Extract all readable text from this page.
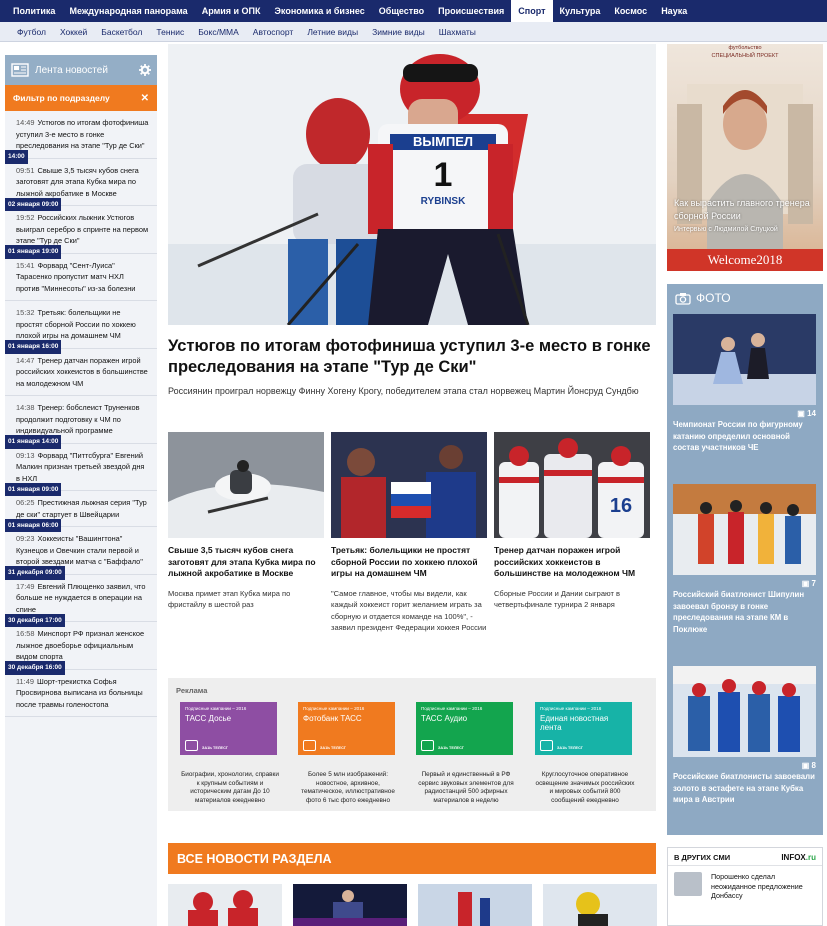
Политика	Международная панорама	Армия и ОПК	Экономика и бизнес	Общество	Происшествия	Спорт	Культура	Космос	Наука
Футбол	Хоккей	Баскетбол	Теннис	Бокс/ММА	Автоспорт	Летние виды	Зимние виды	Шахматы
Лента новостей
Фильтр по подразделу	✕
14:49 Устюгов по итогам фотофиниша уступил 3-е место в гонке преследования на этапе "Тур де Ски"
14:00
09:51 Свыше 3,5 тысяч кубов снега заготовят для этапа Кубка мира по лыжной акробатике в Москве
02 января 09:00
19:52 Российских лыжник Устюгов выиграл серебро в спринте на первом этапе "Тур де Ски"
01 января 19:00
15:41 Форвард "Сент-Луиса" Тарасенко пропустит матч НХЛ против "Миннесоты" из-за болезни
15:32 Третьяк: болельщики не простят сборной России по хоккею плохой игры на домашнем ЧМ
01 января 16:00
14:47 Тренер датчан поражен игрой российских хоккеистов в большинстве на молодежном ЧМ
14:38 Тренер: бобслеист Труненков продолжит подготовку к ЧМ по индивидуальной программе
01 января 14:00
09:13 Форвард "Питтсбурга" Евгений Малкин признан третьей звездой дня в НХЛ
01 января 09:00
06:25 Престижная лыжная серия "Тур де ски" стартует в Швейцарии
01 января 06:00
09:23 Хоккеисты "Вашингтона" Кузнецов и Овечкин стали первой и второй звездами матча с "Баффало"
31 декабря 09:00
17:49 Евгений Плющенко заявил, что больше не нуждается в операции на спине
30 декабря 17:00
16:58 Минспорт РФ признал женское лыжное двоеборье официальным видом спорта
30 декабря 16:00
11:49 Шорт-трекистка Софья Просвирнова выписана из больницы после травмы голеностопа
ВЫМПЕЛ
1
RYBINSK
Устюгов по итогам фотофиниша уступил 3-е место в гонке преследования на этапе "Тур де Ски"
Россиянин проиграл норвежцу Финну Хогену Крогу, победителем этапа стал норвежец Мартин Йонсруд Сундбю
Свыше 3,5 тысяч кубов снега заготовят для этапа Кубка мира по лыжной акробатике в Москве
Москва примет этап Кубка мира по фристайлу в шестой раз
Третьяк: болельщики не простят сборной России по хоккею плохой игры на домашнем ЧМ
"Самое главное, чтобы мы видели, как каждый хоккеист горит желанием играть за сборную и отдается команде на 100%", - заявил президент Федерации хоккея России
16
Тренер датчан поражен игрой российских хоккеистов в большинстве на молодежном ЧМ
Сборные России и Дании сыграют в четвертьфинале турнира 2 января
Реклама
Подписные кампании – 2016
ТАСС Досье
ЗА1Ь ТЕЛЕСГ
Биографии, хронологии, справки к крупным событиям и историческим датам До 10 материалов ежедневно
Подписные кампании – 2016
Фотобанк ТАСС
ЗА1Ь ТЕЛЕСГ
Более 5 млн изображений: новостное, архивное, тематическое, иллюстративное фото 6 тыс фото ежедневно
Подписные кампании – 2016
ТАСС Аудио
ЗА1Ь ТЕЛЕСГ
Первый и единственный в РФ сервис звуковых элементов для радиостанций 500 эфирных материалов в неделю
Подписные кампании – 2016
Единая новостная лента
ЗА1Ь ТЕЛЕСГ
Круглосуточное оперативное освещение значимых российских и мировых событий 800 сообщений ежедневно
ВСЕ НОВОСТИ РАЗДЕЛА
футбольство
СПЕЦИАЛЬНЫЙ ПРОЕКТ
Как вырастить главного тренера сборной России
Интервью с Людмилой Слуцкой
Welcome2018
ФОТО
▣ 14
Чемпионат России по фигурному катанию определил основной состав участников ЧЕ
▣ 7
Российский биатлонист Шипулин завоевал бронзу в гонке преследования на этапе КМ в Поклюке
▣ 8
Российские биатлонисты завоевали золото в эстафете на этапе Кубка мира в Австрии
В ДРУГИХ СМИ	INFOX.ru
Порошенко сделал неожиданное предложение Донбассу
